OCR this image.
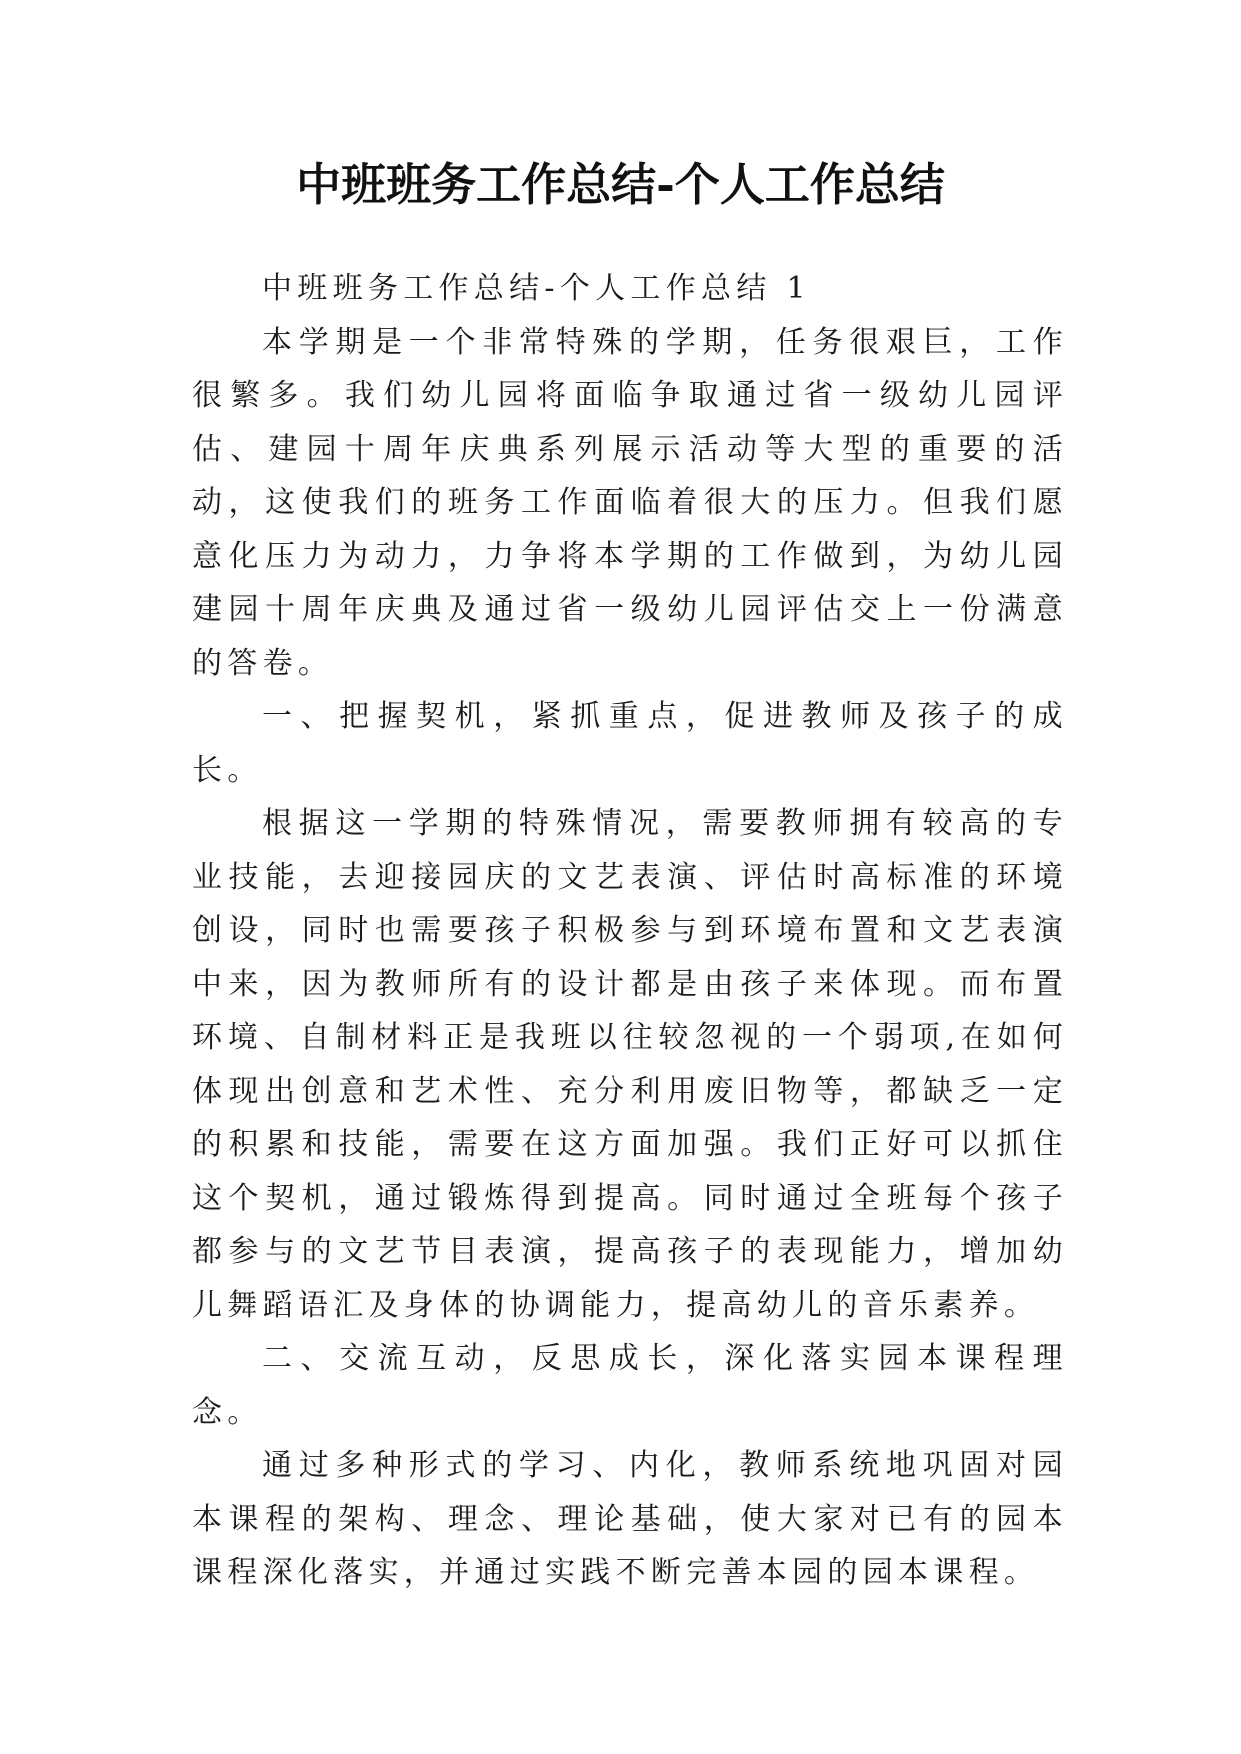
中班班务工作总结-个人工作总结

中班班务工作总结-个人工作总结 1

本学期是一个非常特殊的学期，任务很艰巨，工作很繁多。我们幼儿园将面临争取通过省一级幼儿园评估、建园十周年庆典系列展示活动等大型的重要的活动，这使我们的班务工作面临着很大的压力。但我们愿意化压力为动力，力争将本学期的工作做到，为幼儿园建园十周年庆典及通过省一级幼儿园评估交上一份满意的答卷。

一、把握契机，紧抓重点，促进教师及孩子的成长。

根据这一学期的特殊情况，需要教师拥有较高的专业技能，去迎接园庆的文艺表演、评估时高标准的环境创设，同时也需要孩子积极参与到环境布置和文艺表演中来，因为教师所有的设计都是由孩子来体现。而布置环境、自制材料正是我班以往较忽视的一个弱项,在如何体现出创意和艺术性、充分利用废旧物等，都缺乏一定的积累和技能，需要在这方面加强。我们正好可以抓住这个契机，通过锻炼得到提高。同时通过全班每个孩子都参与的文艺节目表演，提高孩子的表现能力，增加幼儿舞蹈语汇及身体的协调能力，提高幼儿的音乐素养。

二、交流互动，反思成长，深化落实园本课程理念。

通过多种形式的学习、内化，教师系统地巩固对园本课程的架构、理念、理论基础，使大家对已有的园本课程深化落实，并通过实践不断完善本园的园本课程。
